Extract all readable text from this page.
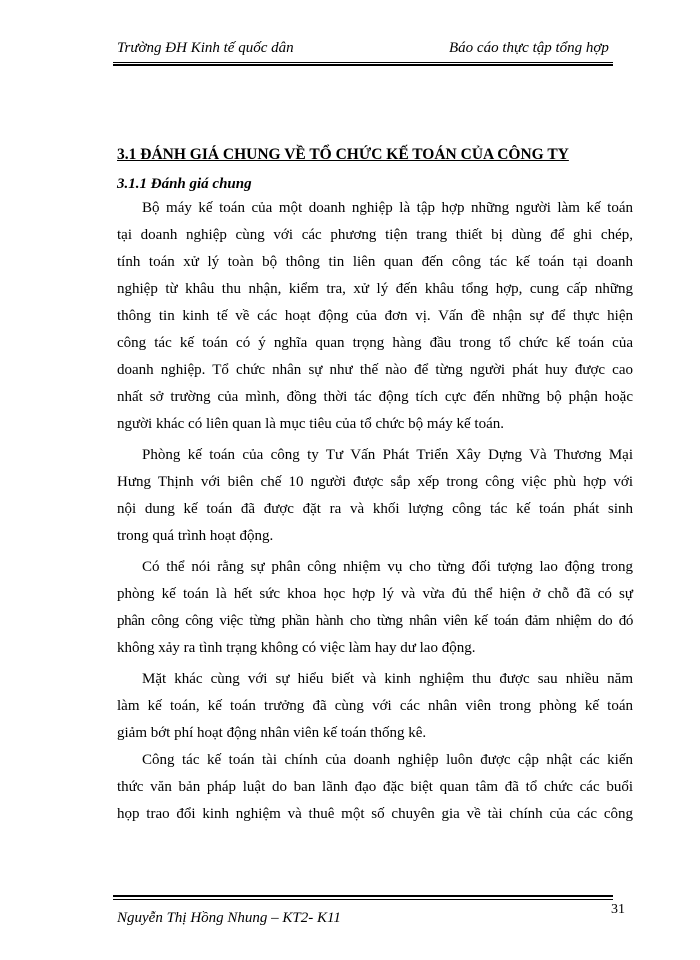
Trường ĐH Kinh tế quốc dân	Báo cáo thực tập tổng hợp
3.1 ĐÁNH GIÁ CHUNG VỀ TỔ CHỨC KẾ TOÁN CỦA CÔNG TY
3.1.1 Đánh giá chung
Bộ máy kế toán của một doanh nghiệp là tập hợp những người làm kế toán
tại doanh nghiệp cùng với các phương tiện trang thiết bị dùng để ghi chép,
tính toán xử lý toàn bộ thông tin liên quan đến công tác kế toán tại doanh
nghiệp từ khâu thu nhận, kiểm tra, xử lý đến khâu tổng hợp, cung cấp những
thông tin kinh tế về các hoạt động của đơn vị. Vấn đề nhận sự để thực hiện
công tác kế toán có ý nghĩa quan trọng hàng đầu trong tổ chức kế toán của
doanh nghiệp. Tổ chức nhân sự như thế nào để từng người phát huy được cao
nhất sở trường của mình, đồng thời tác động tích cực đến những bộ phận hoặc
người khác có liên quan là mục tiêu của tổ chức bộ máy kế toán.
Phòng kế toán của công ty Tư Vấn Phát Triển Xây Dựng Và Thương Mại
Hưng Thịnh với biên chế 10 người được sắp xếp trong công việc phù hợp với
nội dung kế toán đã được đặt ra và khối lượng công tác kế toán phát sinh
trong quá trình hoạt động.
Có thể nói rằng sự phân công nhiệm vụ cho từng đối tượng lao động trong
phòng kế toán là hết sức khoa học hợp lý và vừa đủ thể hiện ở chỗ đã có sự
phân công công việc từng phần hành cho từng nhân viên kế toán đảm nhiệm do đó
không xảy ra tình trạng không có việc làm hay dư lao động.
Mặt khác cùng với sự hiểu biết và kinh nghiệm thu được sau nhiều năm
làm kế toán, kế toán trưởng đã cùng với các nhân viên trong phòng kế toán
giảm bớt phí hoạt động nhân viên kế toán thống kê.
Công tác kế toán tài chính của doanh nghiệp luôn được cập nhật các kiến
thức văn bản pháp luật do ban lãnh đạo đặc biệt quan tâm đã tổ chức các buổi
họp trao đổi kinh nghiệm và thuê một số chuyên gia về tài chính của các công
Nguyễn Thị Hồng Nhung – KT2- K11
31
